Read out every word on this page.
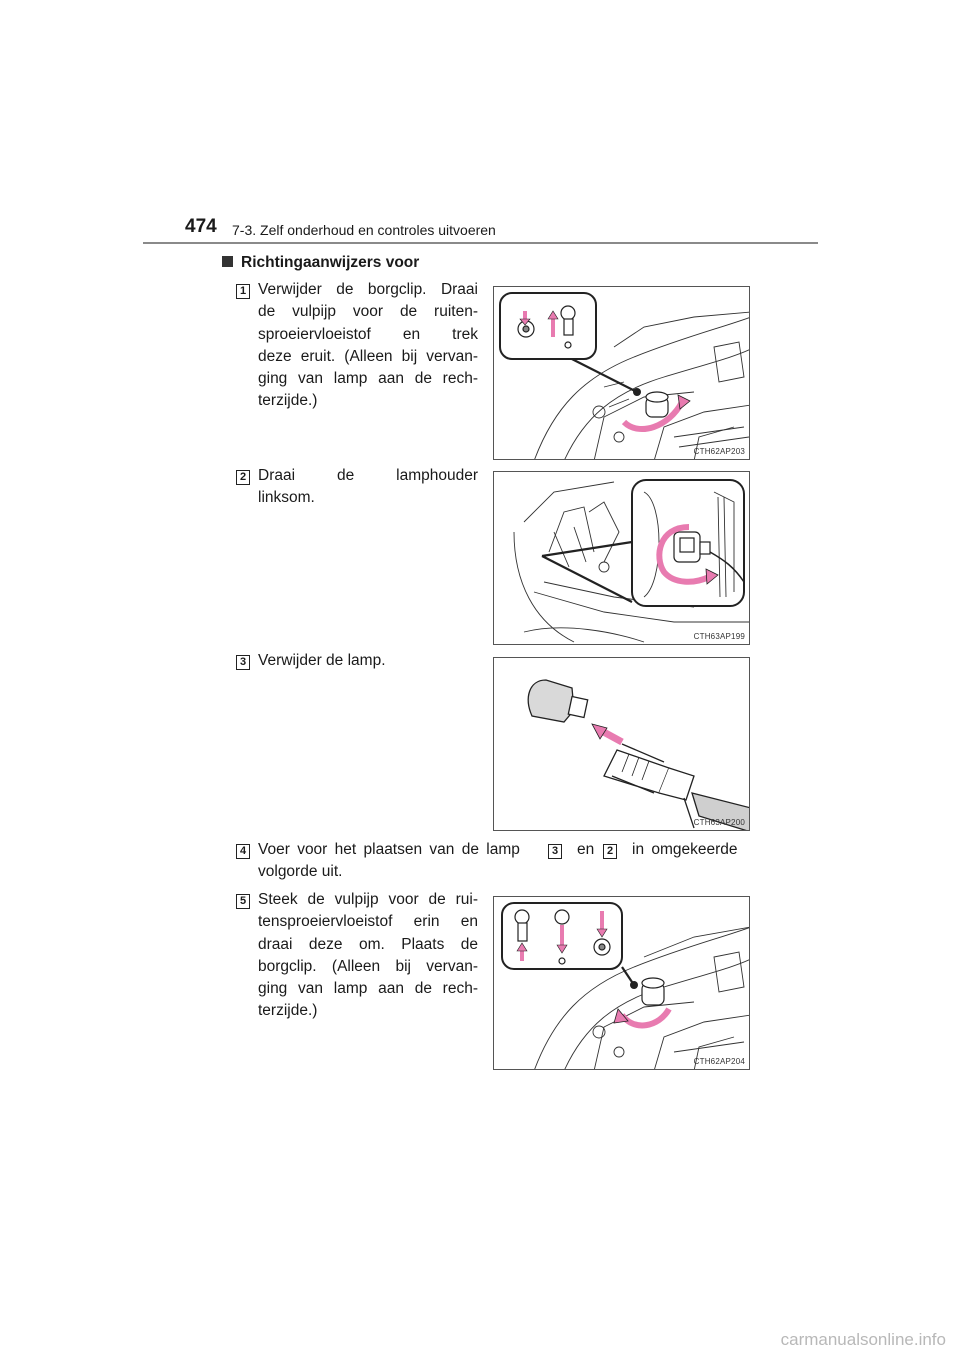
474 7-3. Zelf onderhoud en controles uitvoeren
Richtingaanwijzers voor
1 Verwijder de borgclip. Draai
de vulpijp voor de ruiten-
sproeiervloeistof en trek
deze eruit. (Alleen bij vervan-
ging van lamp aan de rech-
terzijde.)
CTH62AP203
2 Draai de lamphouder
linksom.
CTH63AP199
3 Verwijder de lamp.
CTH63AP200
4 Voer voor het plaatsen van de lamp	3 en	2 in omgekeerde
volgorde uit.
5 Steek de vulpijp voor de rui-
tensproeiervloeistof erin en
draai deze om. Plaats de
borgclip. (Alleen bij vervan-
ging van lamp aan de rech-
terzijde.)
CTH62AP204
carmanualsonline.info
